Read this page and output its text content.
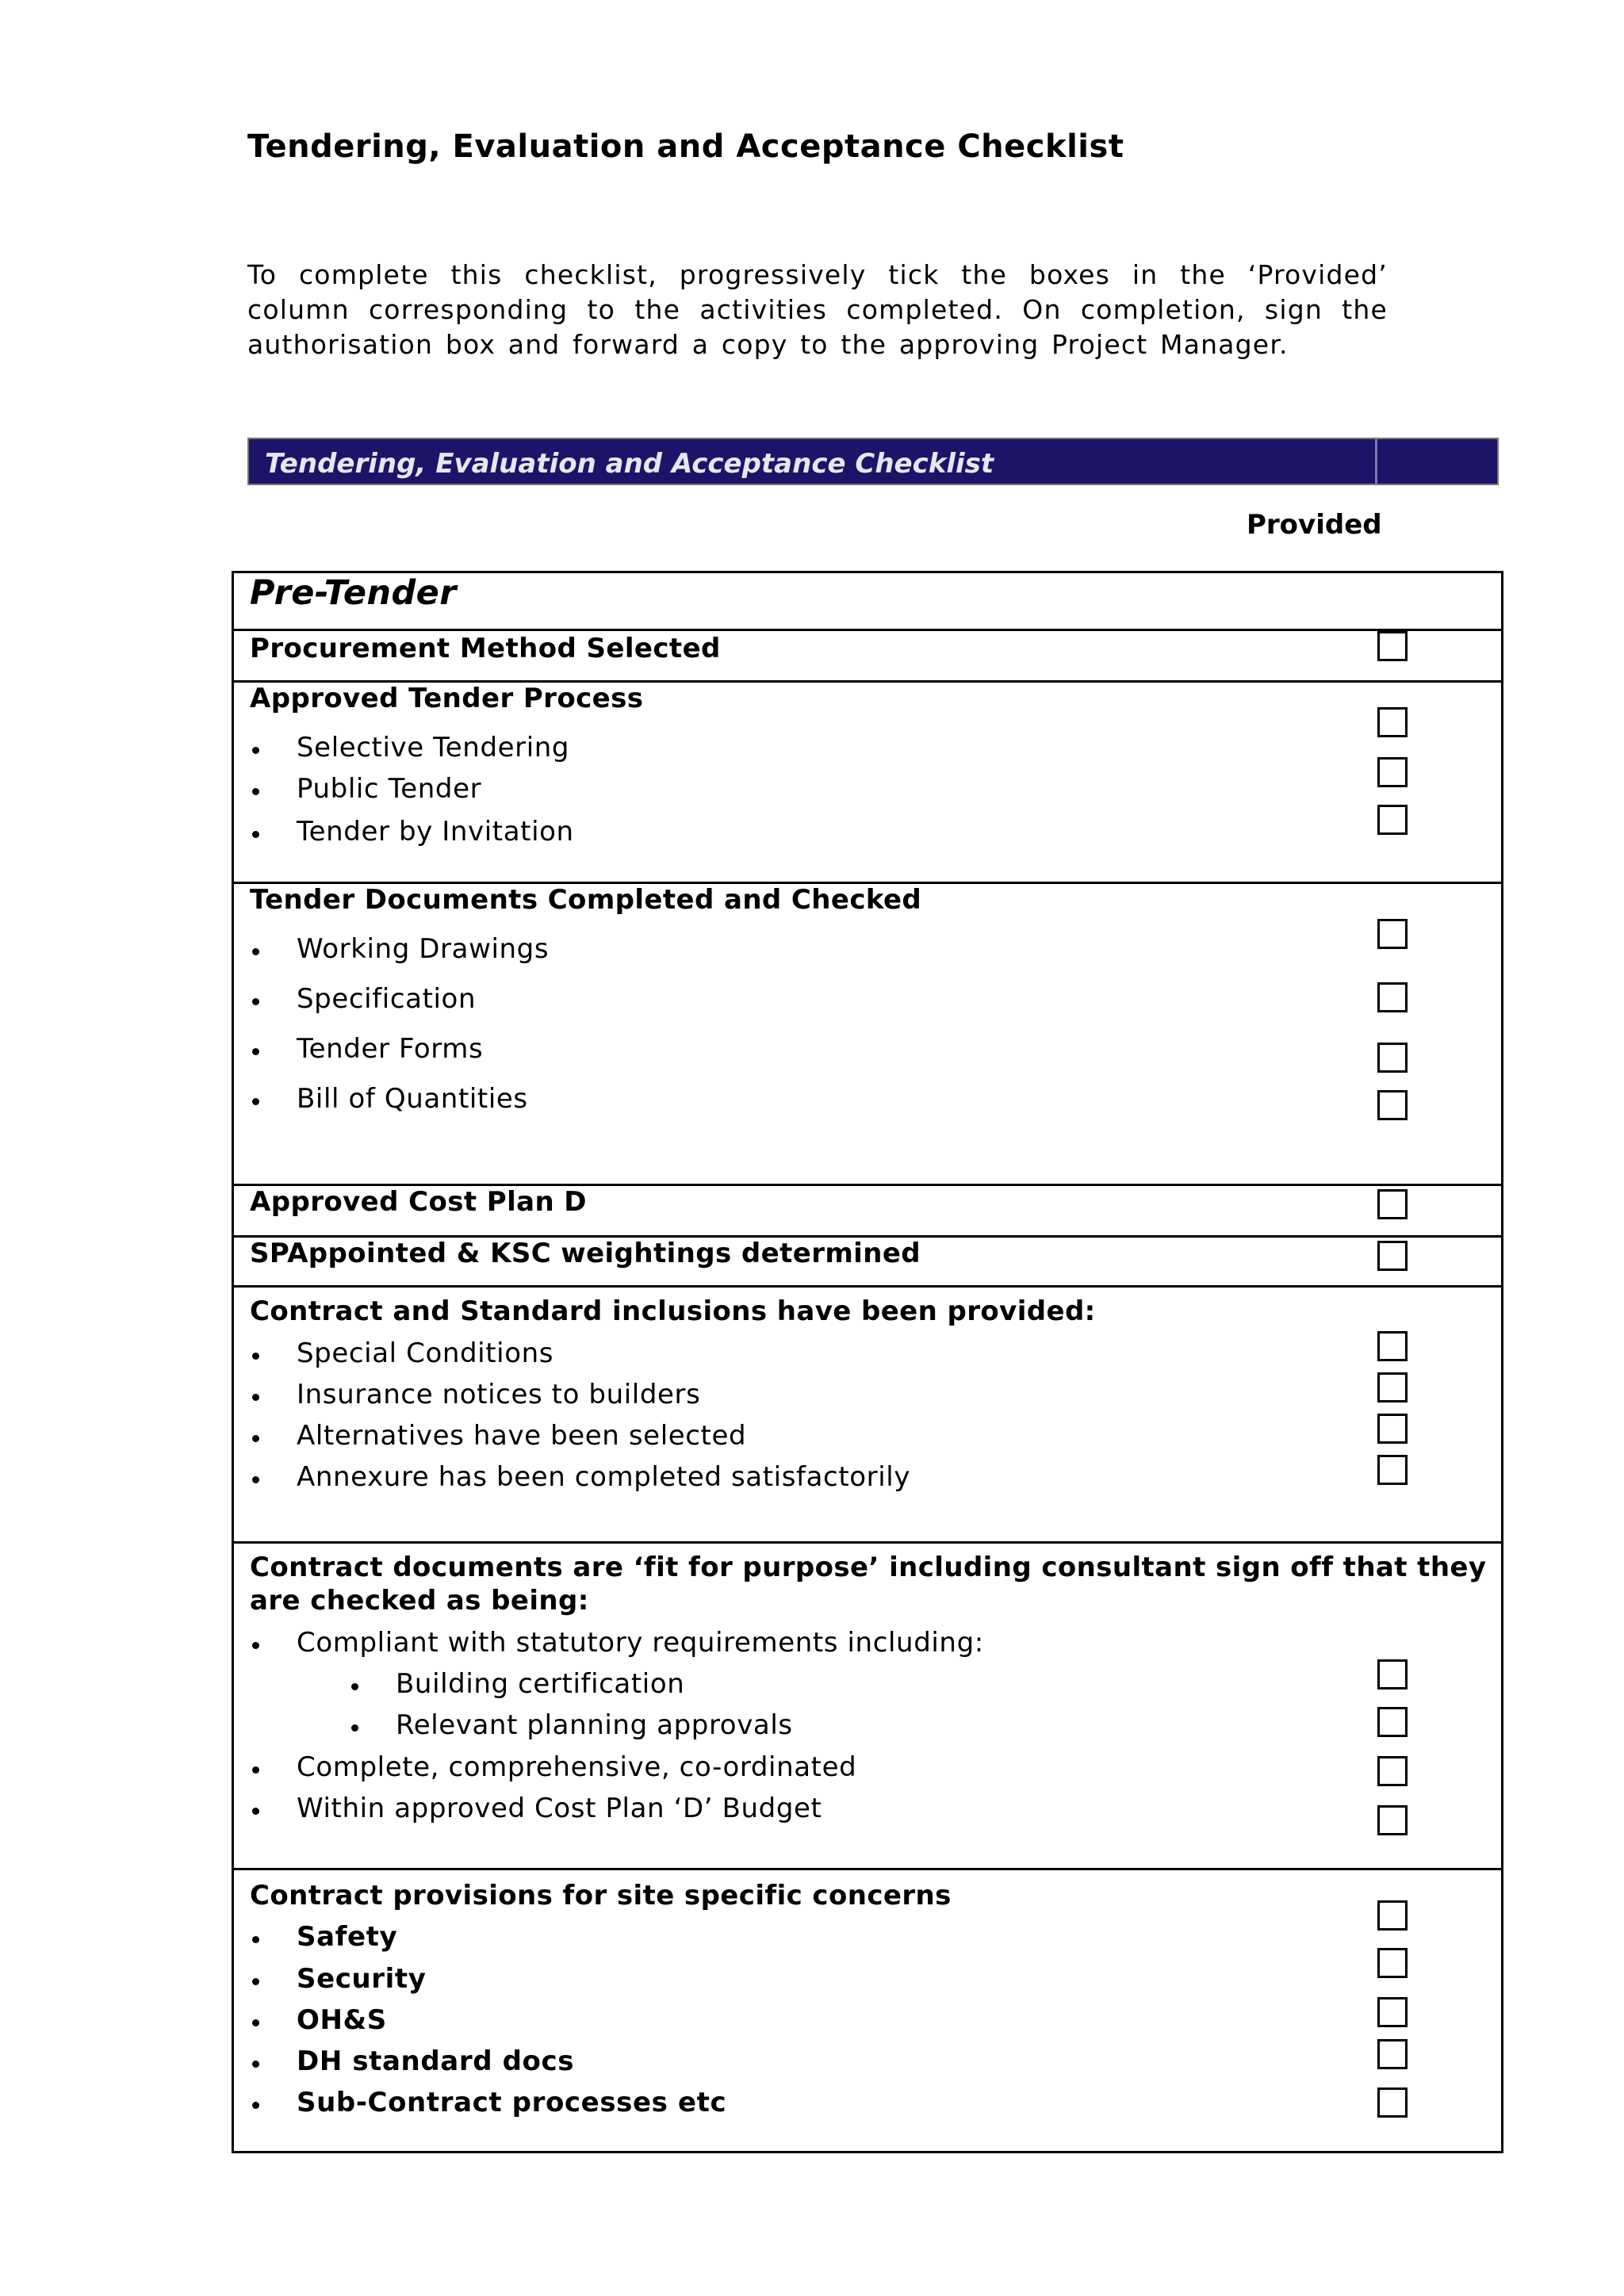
Tendering, Evaluation and Acceptance Checklist
To complete this checklist, progressively tick the boxes in the ‘Provided’ column corresponding to the activities completed. On completion, sign the authorisation box and forward a copy to the approving Project Manager.
Tendering, Evaluation and Acceptance Checklist
Provided
Pre-Tender
Procurement Method Selected
Approved Tender Process
Selective Tendering
Public Tender
Tender by Invitation
Tender Documents Completed and Checked
Working Drawings
Specification
Tender Forms
Bill of Quantities
Approved Cost Plan D
SPAppointed & KSC weightings determined
Contract and Standard inclusions have been provided:
Special Conditions
Insurance notices to builders
Alternatives have been selected
Annexure has been completed satisfactorily
Contract documents are ‘fit for purpose’ including consultant sign off that they
are checked as being:
Compliant with statutory requirements including:
Building certification
Relevant planning approvals
Complete, comprehensive, co-ordinated
Within approved Cost Plan ‘D’ Budget
Contract provisions for site specific concerns
Safety
Security
OH&S
DH standard docs
Sub-Contract processes etc
